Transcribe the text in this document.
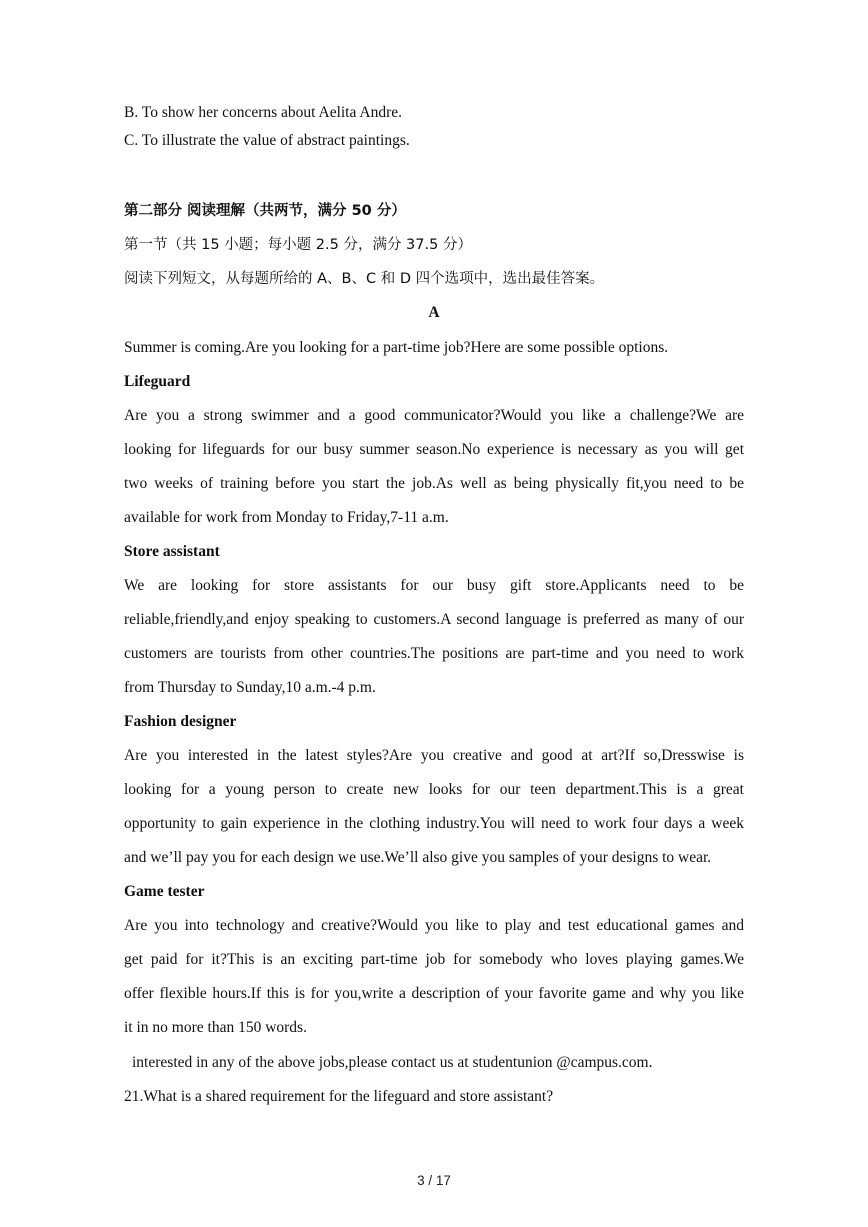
B. To show her concerns about Aelita Andre.
C. To illustrate the value of abstract paintings.
第二部分 阅读理解（共两节，满分 50 分）
第一节（共 15 小题；每小题 2.5 分，满分 37.5 分）
阅读下列短文，从每题所给的 A、B、C 和 D 四个选项中，选出最佳答案。
A
Summer is coming.Are you looking for a part-time job?Here are some possible options.
Lifeguard
Are you a strong swimmer and a good communicator?Would you like a challenge?We are
looking for lifeguards for our busy summer season.No experience is necessary as you will get
two weeks of training before you start the job.As well as being physically fit,you need to be
available for work from Monday to Friday,7-11 a.m.
Store assistant
We are looking for store assistants for our busy gift store.Applicants need to be
reliable,friendly,and enjoy speaking to customers.A second language is preferred as many of our
customers are tourists from other countries.The positions are part-time and you need to work
from Thursday to Sunday,10 a.m.-4 p.m.
Fashion designer
Are you interested in the latest styles?Are you creative and good at art?If so,Dresswise is
looking for a young person to create new looks for our teen department.This is a great
opportunity to gain experience in the clothing industry.You will need to work four days a week
and we’ll pay you for each design we use.We’ll also give you samples of your designs to wear.
Game tester
Are you into technology and creative?Would you like to play and test educational games and
get paid for it?This is an exciting part-time job for somebody who loves playing games.We
offer flexible hours.If this is for you,write a description of your favorite game and why you like
it in no more than 150 words.
interested in any of the above jobs,please contact us at studentunion @campus.com.
21.What is a shared requirement for the lifeguard and store assistant?
3 / 17
